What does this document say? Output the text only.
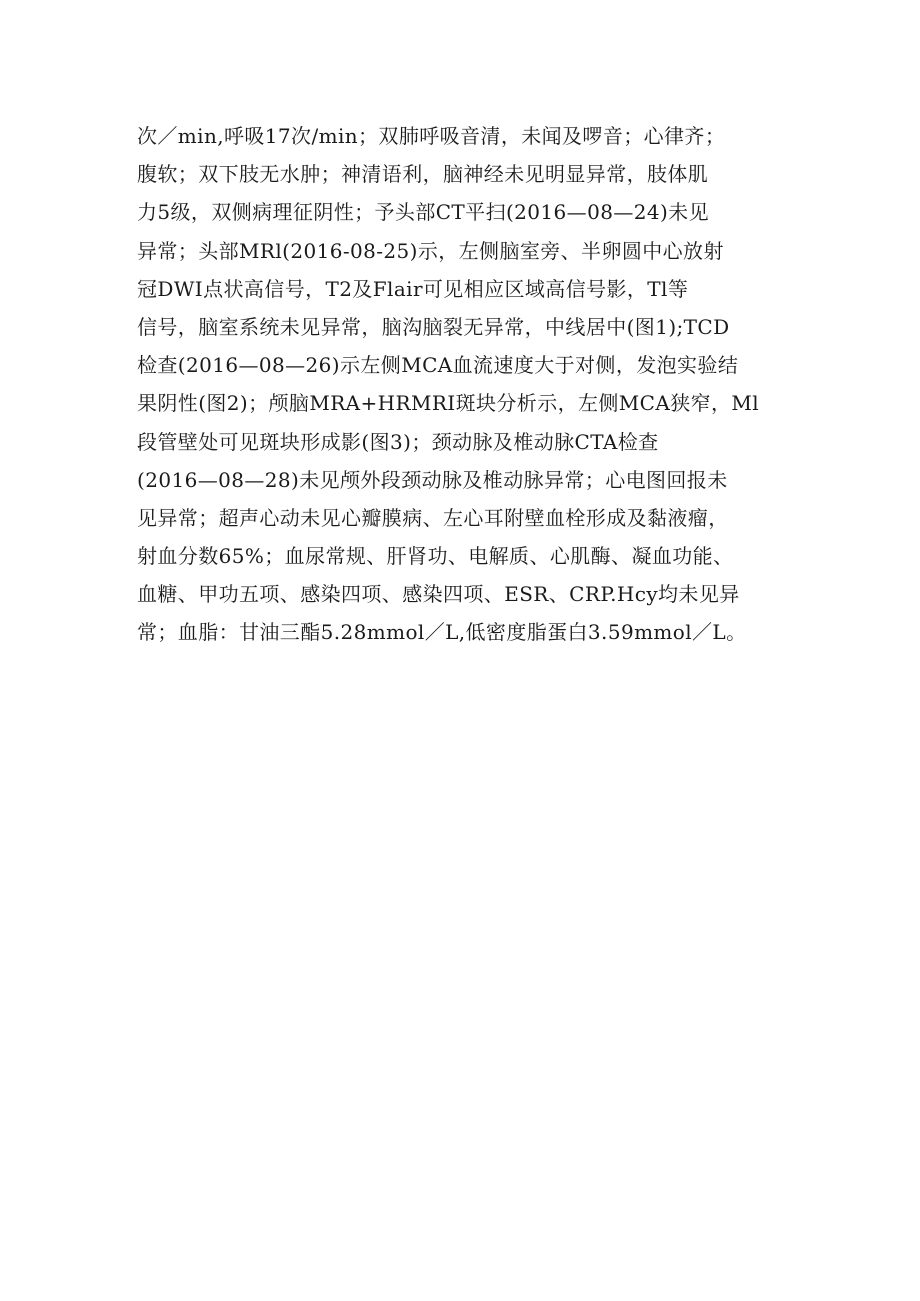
次／min,呼吸17次/min；双肺呼吸音清，未闻及啰音；心律齐；
腹软；双下肢无水肿；神清语利，脑神经未见明显异常，肢体肌
力5级，双侧病理征阴性；予头部CT平扫(2016—08—24)未见
异常；头部MRl(2016-08-25)示，左侧脑室旁、半卵圆中心放射
冠DWI点状高信号，T2及Flair可见相应区域高信号影，Tl等
信号，脑室系统未见异常，脑沟脑裂无异常，中线居中(图1);TCD
检查(2016—08—26)示左侧MCA血流速度大于对侧，发泡实验结
果阴性(图2)；颅脑MRA+HRMRI斑块分析示，左侧MCA狭窄，Ml
段管壁处可见斑块形成影(图3)；颈动脉及椎动脉CTA检查
(2016—08—28)未见颅外段颈动脉及椎动脉异常；心电图回报未
见异常；超声心动未见心瓣膜病、左心耳附壁血栓形成及黏液瘤，
射血分数65%；血尿常规、肝肾功、电解质、心肌酶、凝血功能、
血糖、甲功五项、感染四项、感染四项、ESR、CRP.Hcy均未见异
常；血脂：甘油三酯5.28mmol／L,低密度脂蛋白3.59mmol／L。
